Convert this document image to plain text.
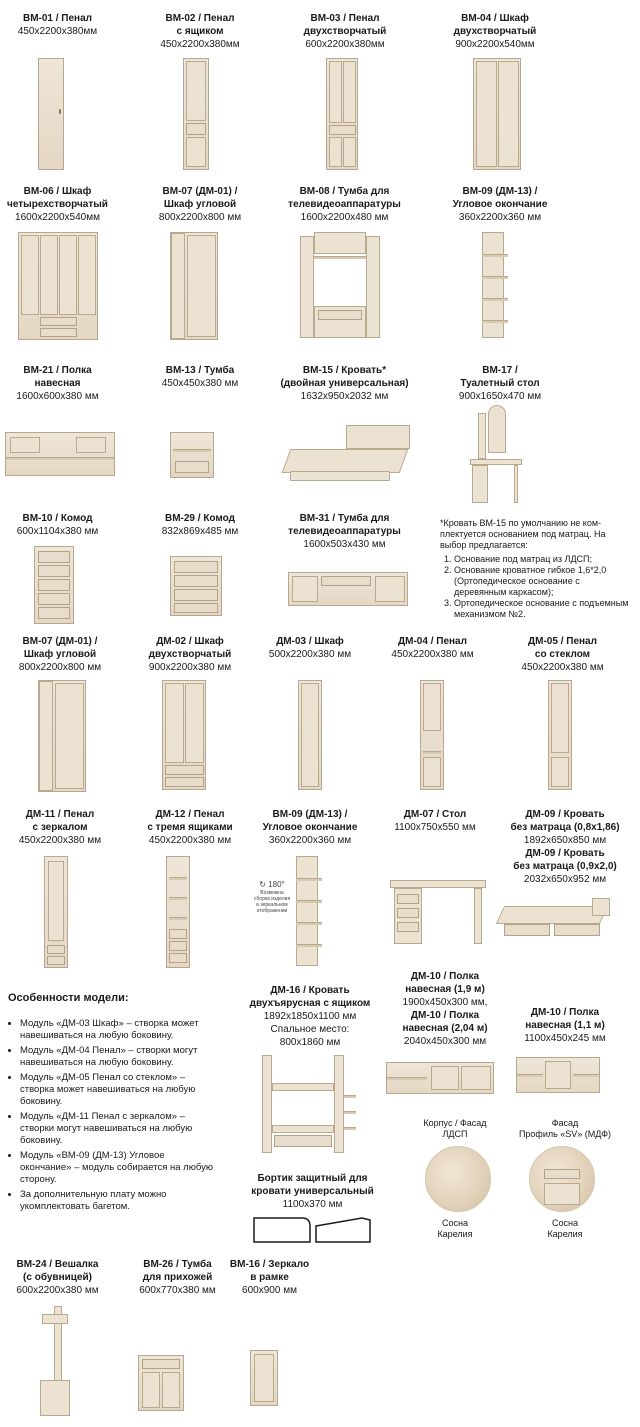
ВМ-01 / Пенал
450x2200x380мм
ВМ-02 / Пенал
с ящиком
450x2200x380мм
ВМ-03 / Пенал
двухстворчатый
600x2200x380мм
ВМ-04 / Шкаф
двухстворчатый
900x2200x540мм
ВМ-06 / Шкаф
четырехстворчатый
1600x2200x540мм
ВМ-07 (ДМ-01) /
Шкаф угловой
800x2200x800 мм
ВМ-08 / Тумба для
телевидеоаппаратуры
1600x2200x480 мм
ВМ-09 (ДМ-13) /
Угловое окончание
360x2200x360 мм
ВМ-21 / Полка
навесная
1600x600x380 мм
ВМ-13 / Тумба
450x450x380 мм
ВМ-15 / Кровать*
(двойная универсальная)
1632x950x2032 мм
ВМ-17 /
Туалетный стол
900x1650x470 мм
ВМ-10 / Комод
600x1104x380 мм
ВМ-29 / Комод
832x869x485 мм
ВМ-31 / Тумба для
телевидеоаппаратуры
1600x503x430 мм

*Кровать ВМ-15 по умолчанию не ком-плектуется основанием под матрац. На выбор предлагается:

1. Основание под матрац из ЛДСП;
2. Основание кроватное гибкое 1,6*2,0 (Ортопедическое основание с деревянным каркасом);
3. Ортопедическое основание с подъемным механизмом №2.
ВМ-07 (ДМ-01) /
Шкаф угловой
800x2200x800 мм
ДМ-02 / Шкаф
двухстворчатый
900x2200x380 мм
ДМ-03 / Шкаф
500x2200x380 мм
ДМ-04 / Пенал
450x2200x380 мм
ДМ-05 / Пенал
со стеклом
450x2200x380 мм
ДМ-11 / Пенал
с зеркалом
450x2200x380 мм
ДМ-12 / Пенал
с тремя ящиками
450x2200x380 мм
ВМ-09 (ДМ-13) /
Угловое окончание
360x2200x360 мм
↻ 180°
Возможна сборка изделия в зеркальном отображении
ДМ-07 / Стол
1100x750x550 мм
ДМ-09 / Кровать
без матраца (0,8x1,86)
1892x650x850 мм
ДМ-09 / Кровать
без матраца (0,9x2,0)
2032x650x952 мм
Особенности модели:
• Модуль «ДМ-03 Шкаф» – створка может навешиваться на любую боковину.
• Модуль «ДМ-04 Пенал» – створки могут навешиваться на любую боковину.
• Модуль «ДМ-05 Пенал со стеклом» – створка может навешиваться на любую боковину.
• Модуль «ДМ-11 Пенал с зеркалом» – створки могут навешиваться на любую боковину.
• Модуль «ВМ-09 (ДМ-13) Угловое окончание» – модуль собирается на любую сторону.
• За дополнительную плату можно укомплектовать багетом.
ДМ-16 / Кровать
двухъярусная с ящиком
1892x1850x1100 мм
Спальное место:
800x1860 мм
ДМ-10 / Полка
навесная (1,9 м)
1900x450x300 мм,
ДМ-10 / Полка
навесная (2,04 м)
2040x450x300 мм
ДМ-10 / Полка
навесная (1,1 м)
1100x450x245 мм
Корпус / Фасад
ЛДСП
Сосна
Карелия
Фасад
Профиль «SV» (МДФ)
Сосна
Карелия
Бортик защитный для
кровати универсальный
1100x370 мм
ВМ-24 / Вешалка
(с обувницей)
600x2200x380 мм
ВМ-26 / Тумба
для прихожей
600x770x380 мм
ВМ-16 / Зеркало
в рамке
600x900 мм
